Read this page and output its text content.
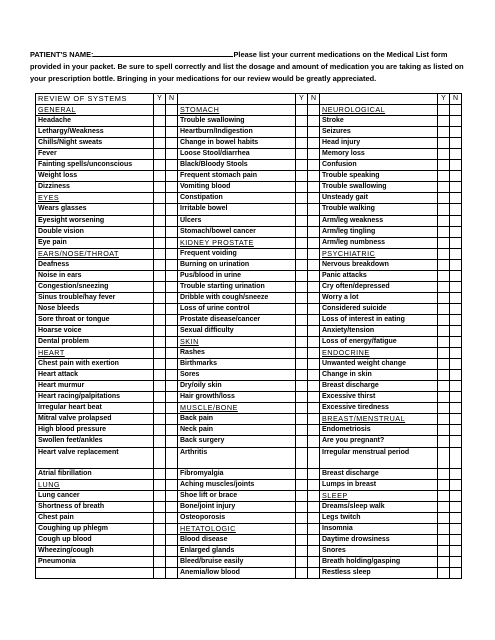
PATIENT'S NAME:	Please list your current medications on the Medical List form provided in your packet. Be sure to spell correctly and list the dosage and amount of medication you are taking as listed on your prescription bottle. Bringing in your medications for our review would be greatly appreciated.
REVIEW OF SYSTEMS	Y	N		Y	N		Y	N
GENERAL			STOMACH			NEUROLOGICAL		
Headache			Trouble swallowing			Stroke		
Lethargy/Weakness			Heartburn/Indigestion			Seizures		
Chills/Night sweats			Change in bowel habits			Head injury		
Fever			Loose Stool/diarrhea			Memory loss		
Fainting spells/unconscious			Black/Bloody Stools			Confusion		
Weight loss			Frequent stomach pain			Trouble speaking		
Dizziness			Vomiting blood			Trouble swallowing		
EYES			Constipation			Unsteady gait		
Wears glasses			Irritable bowel			Trouble walking		
Eyesight worsening			Ulcers			Arm/leg weakness		
Double vision			Stomach/bowel cancer			Arm/leg tingling		
Eye pain			KIDNEY PROSTATE			Arm/leg numbness		
EARS/NOSE/THROAT			Frequent voiding			PSYCHIATRIC		
Deafness			Burning on urination			Nervous breakdown		
Noise in ears			Pus/blood in urine			Panic attacks		
Congestion/sneezing			Trouble starting urination			Cry often/depressed		
Sinus trouble/hay fever			Dribble with cough/sneeze			Worry a lot		
Nose bleeds			Loss of urine control			Considered suicide		
Sore throat or tongue			Prostate disease/cancer			Loss of interest in eating		
Hoarse voice			Sexual difficulty			Anxiety/tension		
Dental problem			SKIN			Loss of energy/fatigue		
HEART			Rashes			ENDOCRINE		
Chest pain with exertion			Birthmarks			Unwanted weight change		
Heart attack			Sores			Change in skin		
Heart murmur			Dry/oily skin			Breast discharge		
Heart racing/palpitations			Hair growth/loss			Excessive thirst		
Irregular heart beat			MUSCLE/BONE			Excessive tiredness		
Mitral valve prolapsed			Back pain			BREAST/MENSTRUAL		
High blood pressure			Neck pain			Endometriosis		
Swollen feet/ankles			Back surgery			Are you pregnant?		
Heart valve replacement			Arthritis			Irregular menstrual period		
Atrial fibrillation			Fibromyalgia			Breast discharge		
LUNG			Aching muscles/joints			Lumps in breast		
Lung cancer			Shoe lift or brace			SLEEP		
Shortness of breath			Bone/joint injury			Dreams/sleep walk		
Chest pain			Osteoporosis			Legs twitch		
Coughing up phlegm			HETATOLOGIC			Insomnia		
Cough up blood			Blood disease			Daytime drowsiness		
Wheezing/cough			Enlarged glands			Snores		
Pneumonia			Bleed/bruise easily			Breath holding/gasping		
			Anemia/low blood			Restless sleep		
